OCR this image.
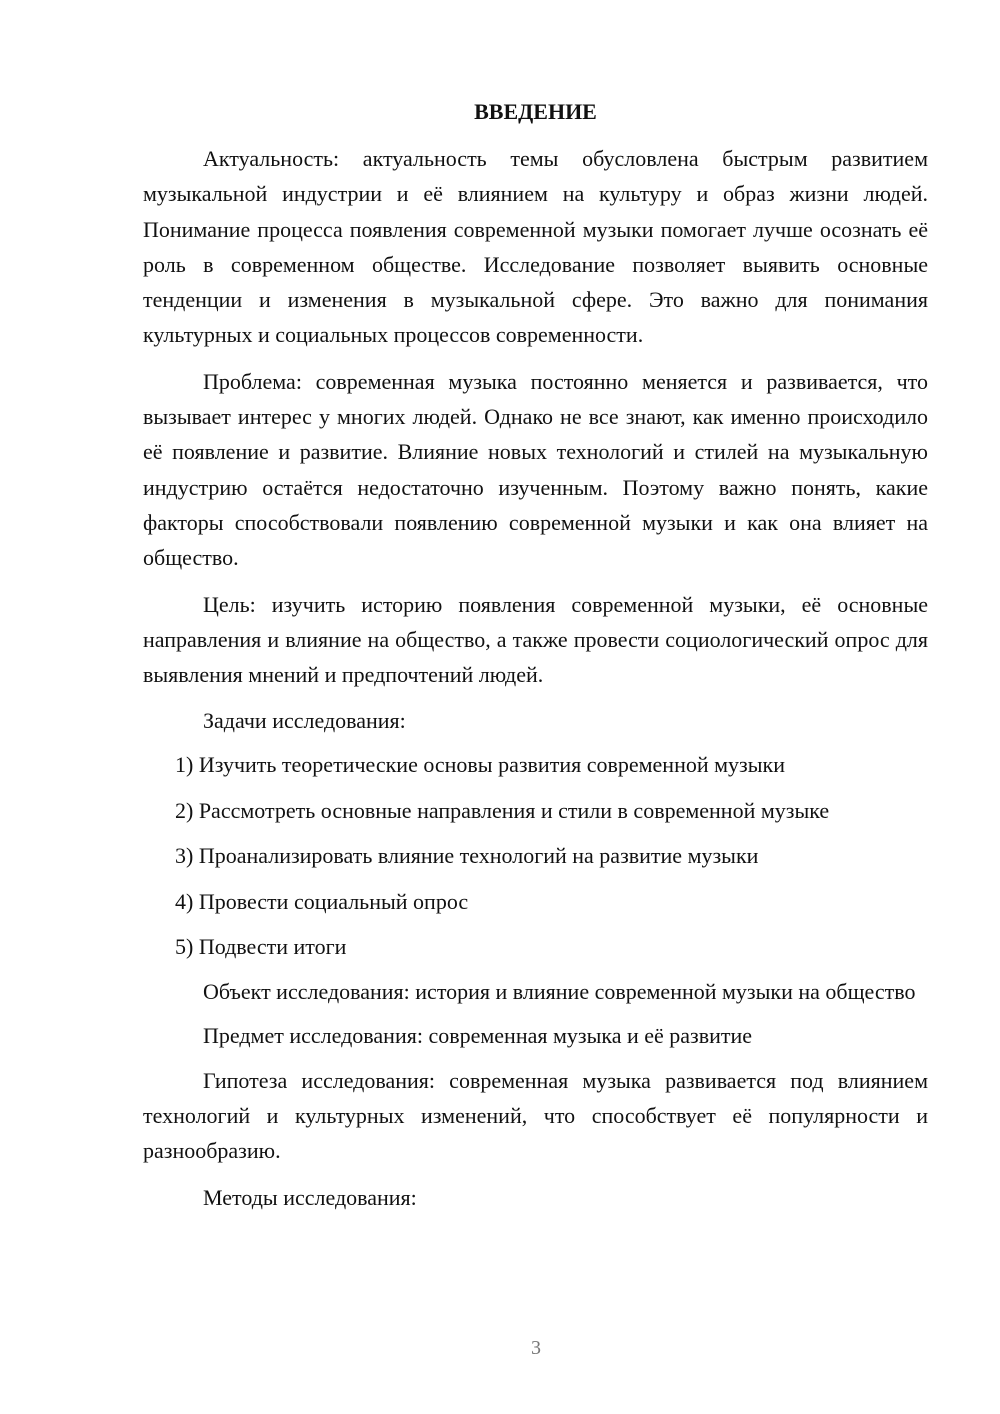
ВВЕДЕНИЕ

Актуальность: актуальность темы обусловлена быстрым развитием музыкальной индустрии и её влиянием на культуру и образ жизни людей. Понимание процесса появления современной музыки помогает лучше осознать её роль в современном обществе. Исследование позволяет выявить основные тенденции и изменения в музыкальной сфере. Это важно для понимания культурных и социальных процессов современности.

Проблема: современная музыка постоянно меняется и развивается, что вызывает интерес у многих людей. Однако не все знают, как именно происходило её появление и развитие. Влияние новых технологий и стилей на музыкальную индустрию остаётся недостаточно изученным. Поэтому важно понять, какие факторы способствовали появлению современной музыки и как она влияет на общество.

Цель: изучить историю появления современной музыки, её основные направления и влияние на общество, а также провести социологический опрос для выявления мнений и предпочтений людей.

Задачи исследования:

1) Изучить теоретические основы развития современной музыки
2) Рассмотреть основные направления и стили в современной музыке
3) Проанализировать влияние технологий на развитие музыки
4) Провести социальный опрос
5) Подвести итоги

Объект исследования: история и влияние современной музыки на общество

Предмет исследования: современная музыка и её развитие

Гипотеза исследования: современная музыка развивается под влиянием технологий и культурных изменений, что способствует её популярности и разнообразию.

Методы исследования:

3
